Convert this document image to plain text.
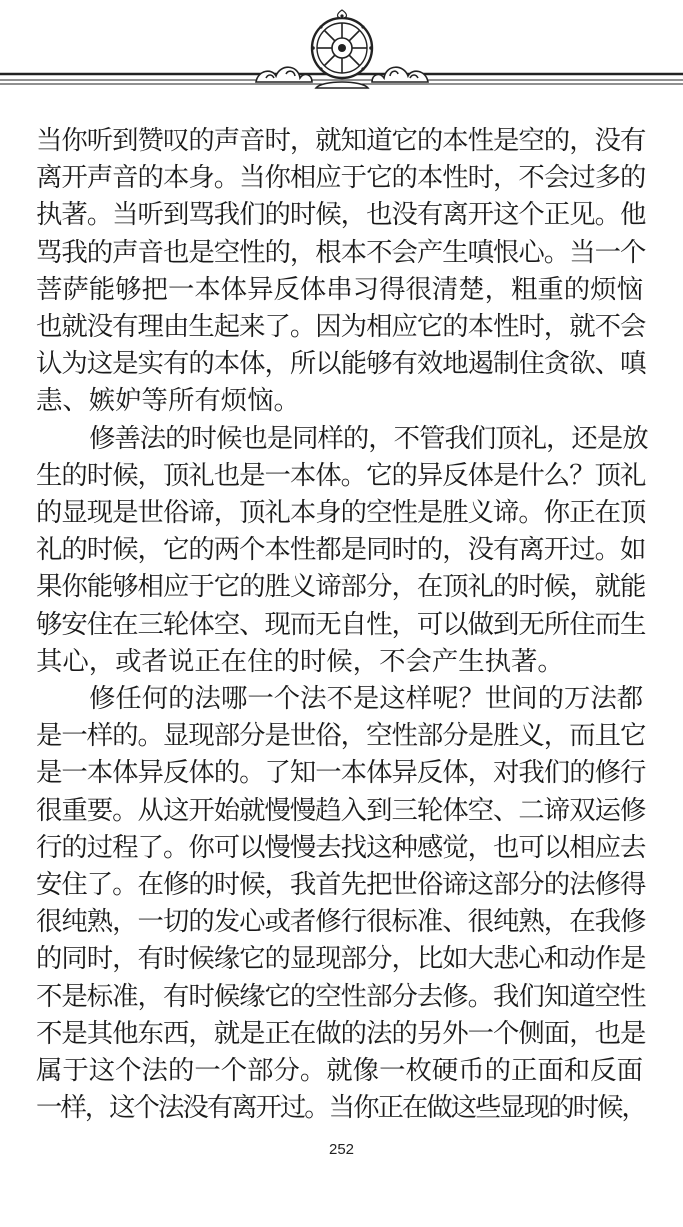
当你听到赞叹的声音时，就知道它的本性是空的，没有
离开声音的本身。当你相应于它的本性时，不会过多的
执著。当听到骂我们的时候，也没有离开这个正见。他
骂我的声音也是空性的，根本不会产生嗔恨心。当一个
菩萨能够把一本体异反体串习得很清楚，粗重的烦恼
也就没有理由生起来了。因为相应它的本性时，就不会
认为这是实有的本体，所以能够有效地遏制住贪欲、嗔
恚、嫉妒等所有烦恼。
修善法的时候也是同样的，不管我们顶礼，还是放
生的时候，顶礼也是一本体。它的异反体是什么？顶礼
的显现是世俗谛，顶礼本身的空性是胜义谛。你正在顶
礼的时候，它的两个本性都是同时的，没有离开过。如
果你能够相应于它的胜义谛部分，在顶礼的时候，就能
够安住在三轮体空、现而无自性，可以做到无所住而生
其心，或者说正在住的时候，不会产生执著。
修任何的法哪一个法不是这样呢？世间的万法都
是一样的。显现部分是世俗，空性部分是胜义，而且它
是一本体异反体的。了知一本体异反体，对我们的修行
很重要。从这开始就慢慢趋入到三轮体空、二谛双运修
行的过程了。你可以慢慢去找这种感觉，也可以相应去
安住了。在修的时候，我首先把世俗谛这部分的法修得
很纯熟，一切的发心或者修行很标准、很纯熟，在我修
的同时，有时候缘它的显现部分，比如大悲心和动作是
不是标准，有时候缘它的空性部分去修。我们知道空性
不是其他东西，就是正在做的法的另外一个侧面，也是
属于这个法的一个部分。就像一枚硬币的正面和反面
一样，这个法没有离开过。当你正在做这些显现的时候，
252
